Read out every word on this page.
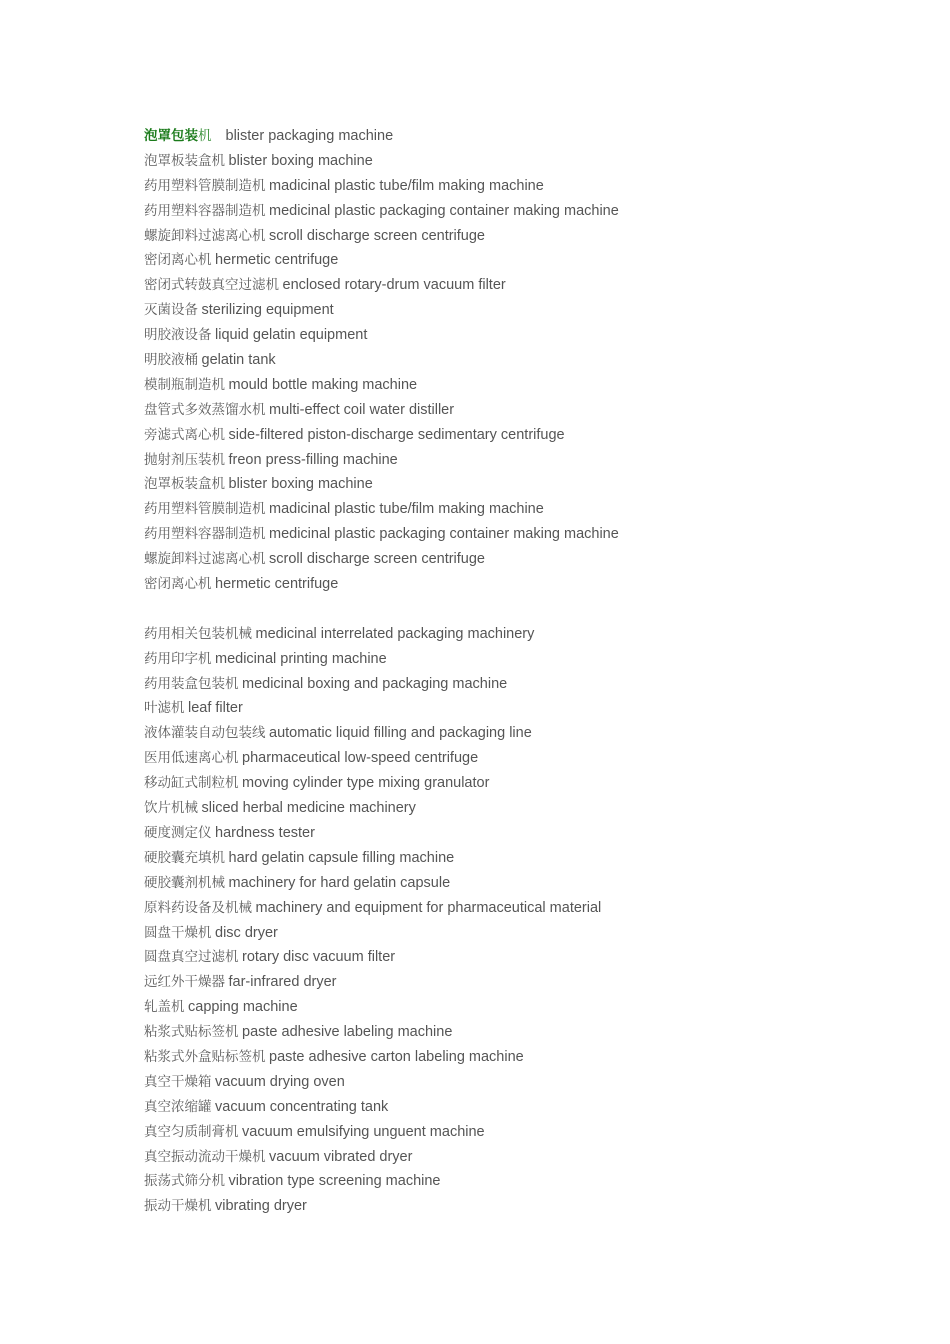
泡罩包装机 blister packaging machine
泡罩板装盒机 blister boxing machine
药用塑料管膜制造机 madicinal plastic tube/film making machine
药用塑料容器制造机 medicinal plastic packaging container making machine
螺旋卸料过滤离心机 scroll discharge screen centrifuge
密闭离心机 hermetic centrifuge
密闭式转鼓真空过滤机 enclosed rotary-drum vacuum filter
灭菌设备 sterilizing equipment
明胶液设备 liquid gelatin equipment
明胶液桶 gelatin tank
模制瓶制造机 mould bottle making machine
盘管式多效蒸馏水机 multi-effect coil water distiller
旁滤式离心机 side-filtered piston-discharge sedimentary centrifuge
抛射剂压装机 freon press-filling machine
泡罩板装盒机 blister boxing machine
药用塑料管膜制造机 madicinal plastic tube/film making machine
药用塑料容器制造机 medicinal plastic packaging container making machine
螺旋卸料过滤离心机 scroll discharge screen centrifuge
密闭离心机 hermetic centrifuge
药用相关包装机械 medicinal interrelated packaging machinery
药用印字机 medicinal printing machine
药用装盒包装机 medicinal boxing and packaging machine
叶滤机 leaf filter
液体灌装自动包装线 automatic liquid filling and packaging line
医用低速离心机 pharmaceutical low-speed centrifuge
移动缸式制粒机 moving cylinder type mixing granulator
饮片机械 sliced herbal medicine machinery
硬度测定仪 hardness tester
硬胶囊充填机 hard gelatin capsule filling machine
硬胶囊剂机械 machinery for hard gelatin capsule
原料药设备及机械 machinery and equipment for pharmaceutical material
圆盘干燥机 disc dryer
圆盘真空过滤机 rotary disc vacuum filter
远红外干燥器 far-infrared dryer
轧盖机 capping machine
粘浆式贴标签机 paste adhesive labeling machine
粘浆式外盒贴标签机 paste adhesive carton labeling machine
真空干燥箱 vacuum drying oven
真空浓缩罐 vacuum concentrating tank
真空匀质制膏机 vacuum emulsifying unguent machine
真空振动流动干燥机 vacuum vibrated dryer
振荡式筛分机 vibration type screening machine
振动干燥机 vibrating dryer
